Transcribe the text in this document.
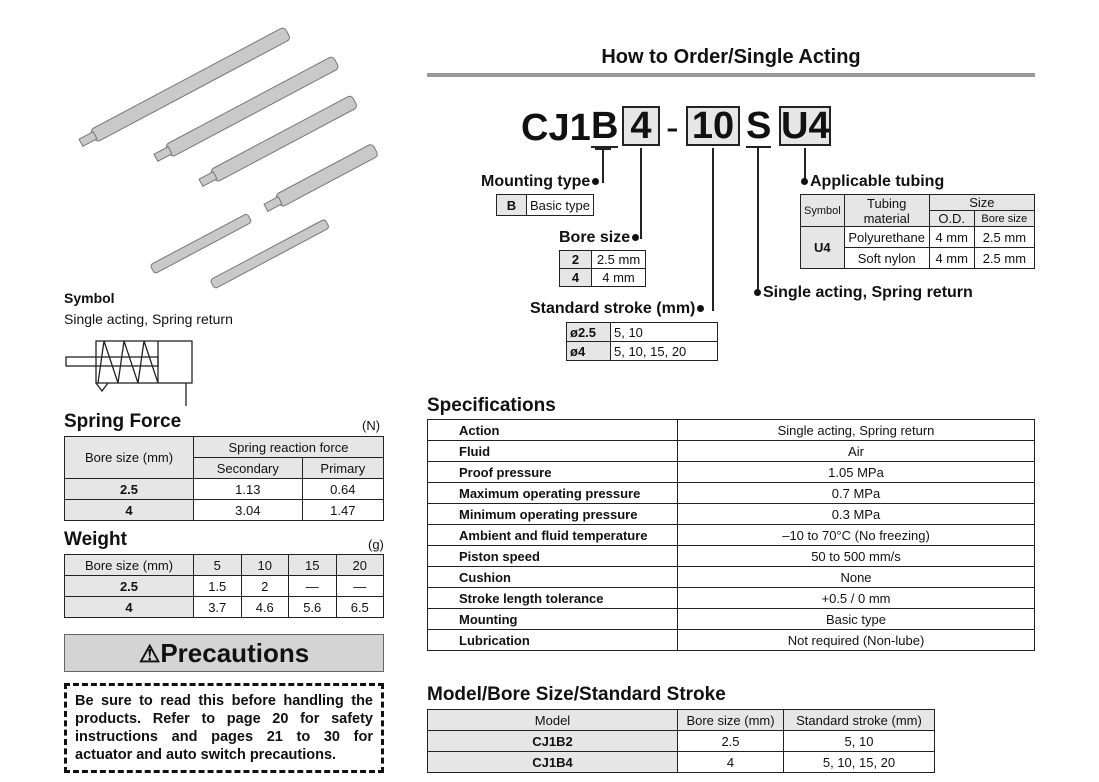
Symbol
Single acting, Spring return
Spring Force	(N)
Bore size (mm)	Spring reaction force	
	Secondary	Primary
2.5	1.13	0.64
4	3.04	1.47
Weight	(g)
Bore size (mm)	5	10	15	20
2.5	1.5	2	—	—
4	3.7	4.6	5.6	6.5
⚠Precautions
Be sure to read this before handling the products. Refer to page 20 for safety instructions and pages 21 to 30 for actuator and auto switch precautions.
How to Order/Single Acting
CJ1 B 4 - 10 S U4
Mounting type
B	Basic type
Bore size
2	2.5 mm
4	4 mm
Standard stroke (mm)
ø2.5	5, 10
ø4	5, 10, 15, 20
Single acting, Spring return
Applicable tubing
Symbol	Tubing material	Size	
		O.D.	Bore size
U4	Polyurethane	4 mm	2.5 mm
	Soft nylon	4 mm	2.5 mm
Specifications
Action	Single acting, Spring return
Fluid	Air
Proof pressure	1.05 MPa
Maximum operating pressure	0.7 MPa
Minimum operating pressure	0.3 MPa
Ambient and fluid temperature	–10 to 70°C (No freezing)
Piston speed	50 to 500 mm/s
Cushion	None
Stroke length tolerance	+0.5 / 0 mm
Mounting	Basic type
Lubrication	Not required (Non-lube)
Model/Bore Size/Standard Stroke
Model	Bore size (mm)	Standard stroke (mm)
CJ1B2	2.5	5, 10
CJ1B4	4	5, 10, 15, 20
